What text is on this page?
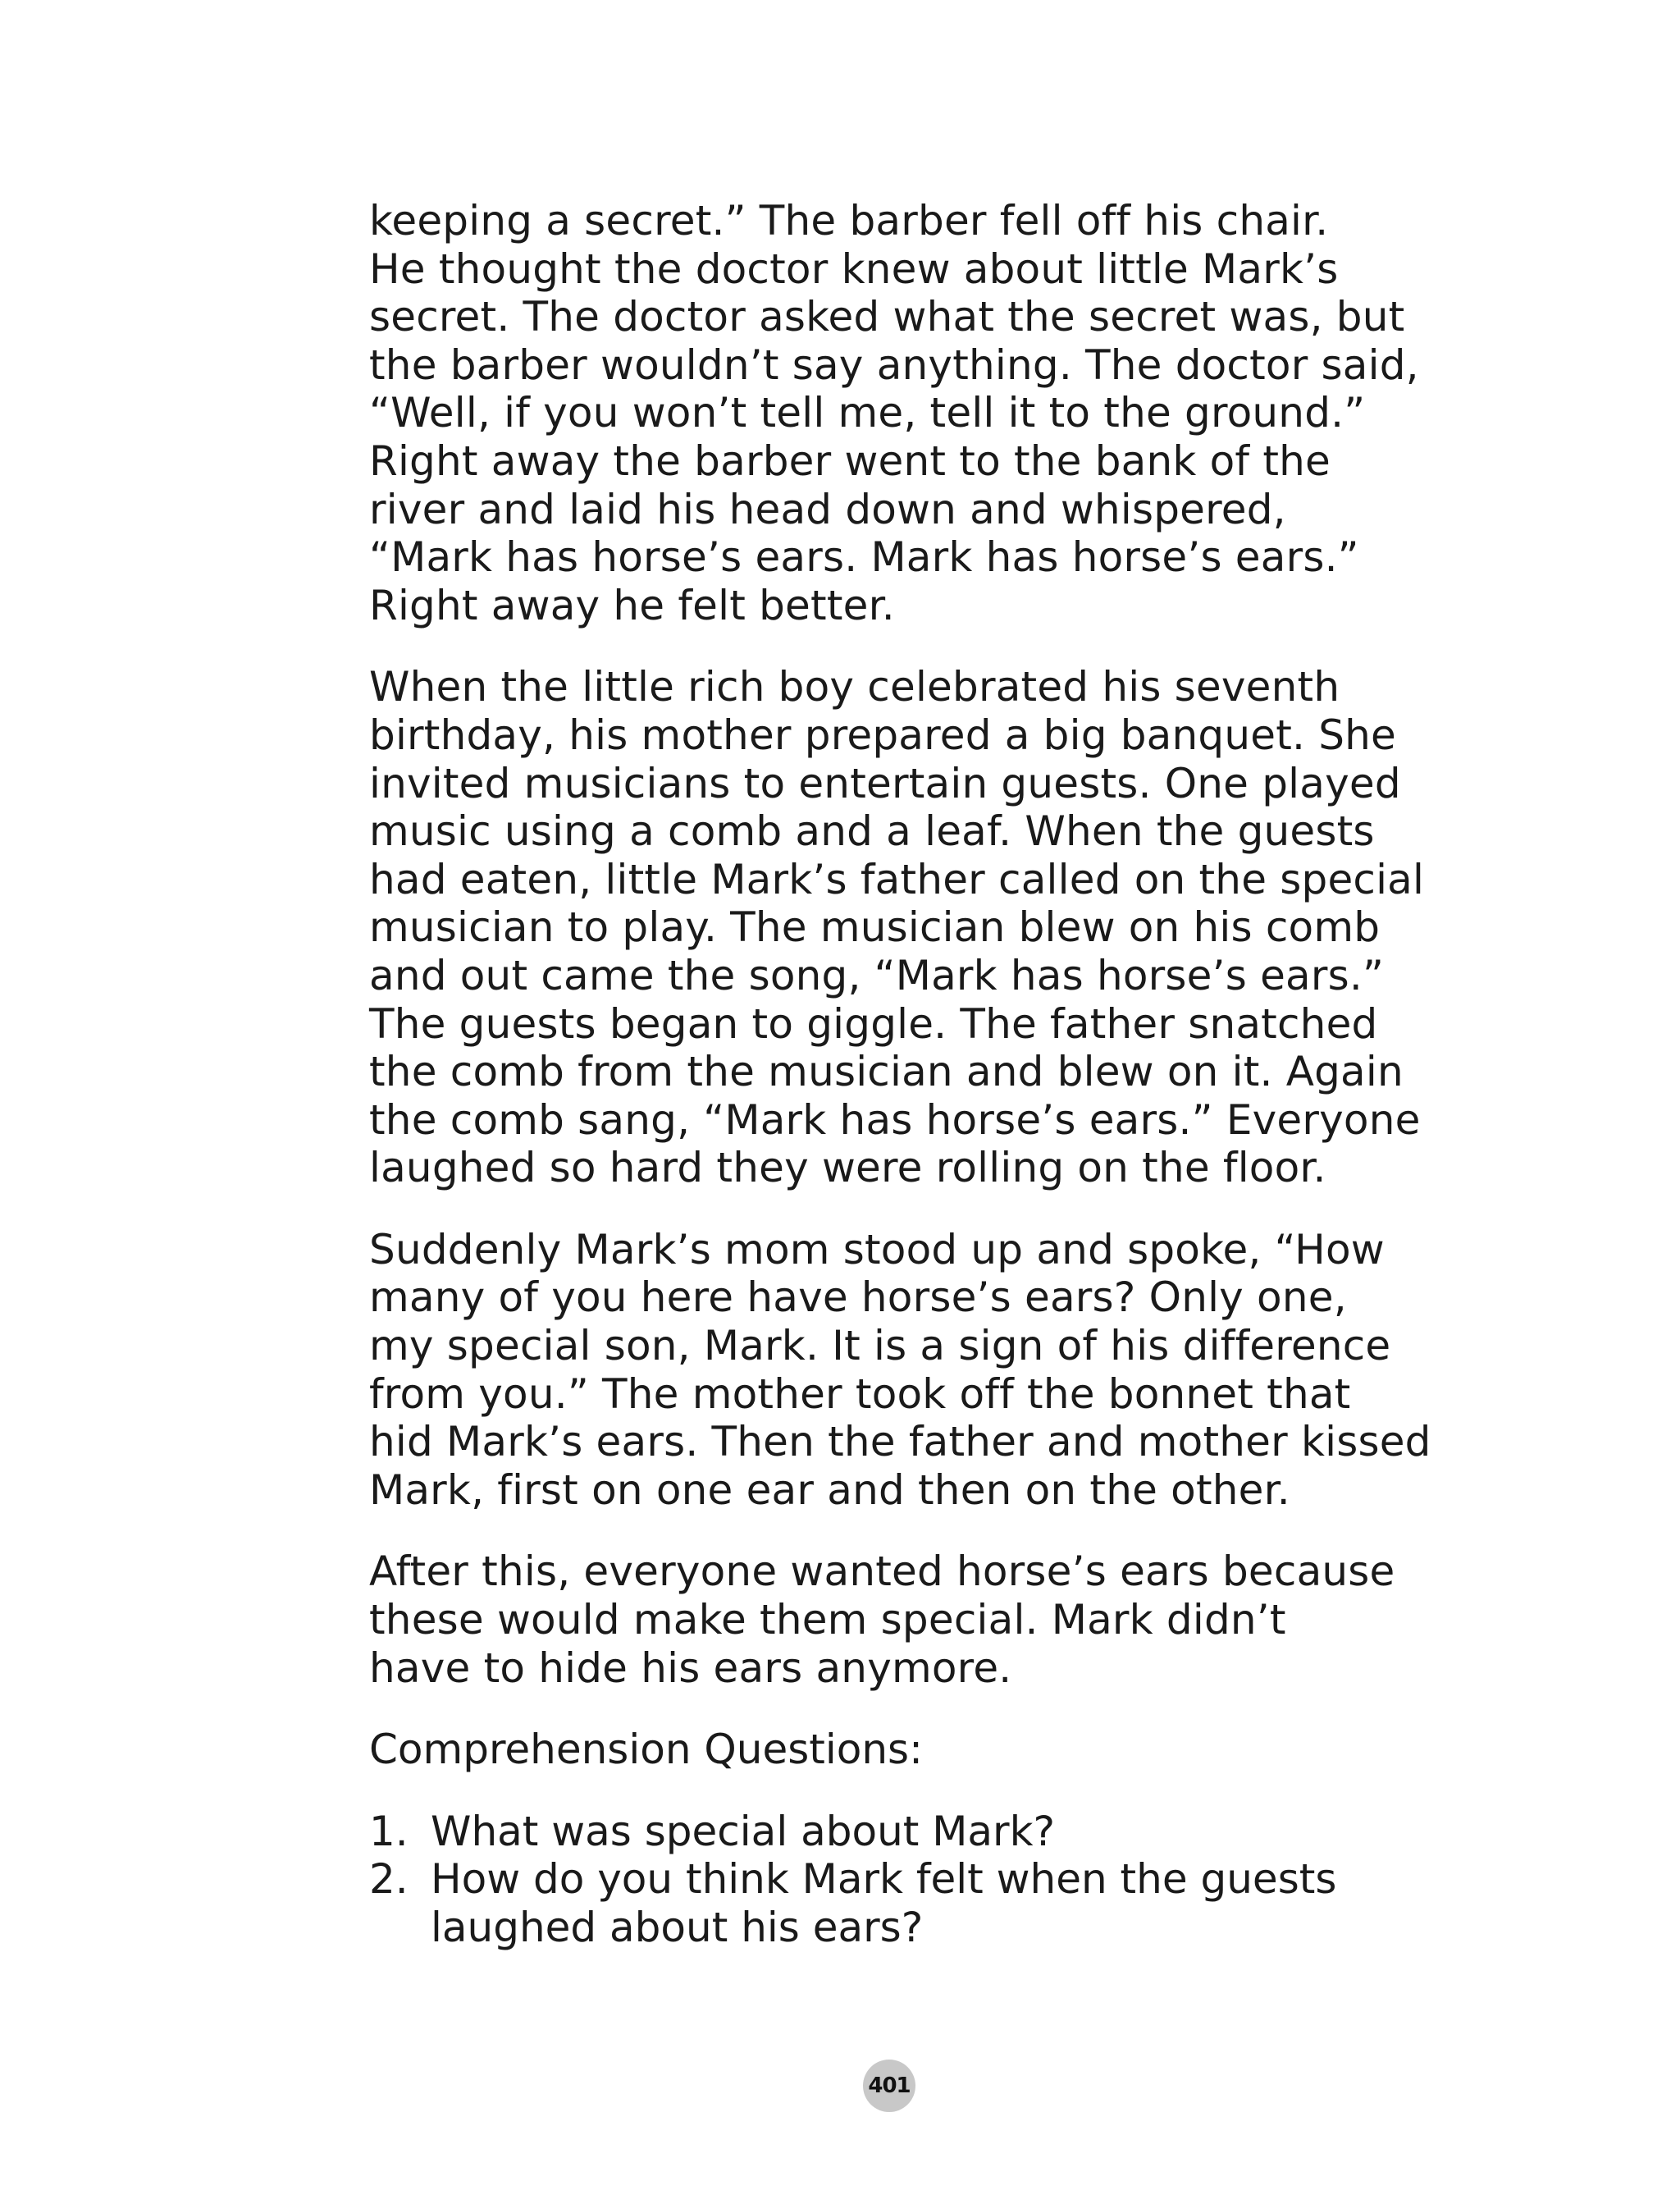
keeping a secret.” The barber fell off his chair.
He thought the doctor knew about little Mark’s
secret. The doctor asked what the secret was, but
the barber wouldn’t say anything. The doctor said,
“Well, if you won’t tell me, tell it to the ground.”
Right away the barber went to the bank of the
river and laid his head down and whispered,
“Mark has horse’s ears. Mark has horse’s ears.”
Right away he felt better.

When the little rich boy celebrated his seventh
birthday, his mother prepared a big banquet. She
invited musicians to entertain guests. One played
music using a comb and a leaf. When the guests
had eaten, little Mark’s father called on the special
musician to play. The musician blew on his comb
and out came the song, “Mark has horse’s ears.”
The guests began to giggle. The father snatched
the comb from the musician and blew on it. Again
the comb sang, “Mark has horse’s ears.” Everyone
laughed so hard they were rolling on the floor.

Suddenly Mark’s mom stood up and spoke, “How
many of you here have horse’s ears? Only one,
my special son, Mark. It is a sign of his difference
from you.” The mother took off the bonnet that
hid Mark’s ears. Then the father and mother kissed
Mark, first on one ear and then on the other.

After this, everyone wanted horse’s ears because
these would make them special. Mark didn’t
have to hide his ears anymore.

Comprehension Questions:

1. What was special about Mark?
2. How do you think Mark felt when the guests
laughed about his ears?
401
